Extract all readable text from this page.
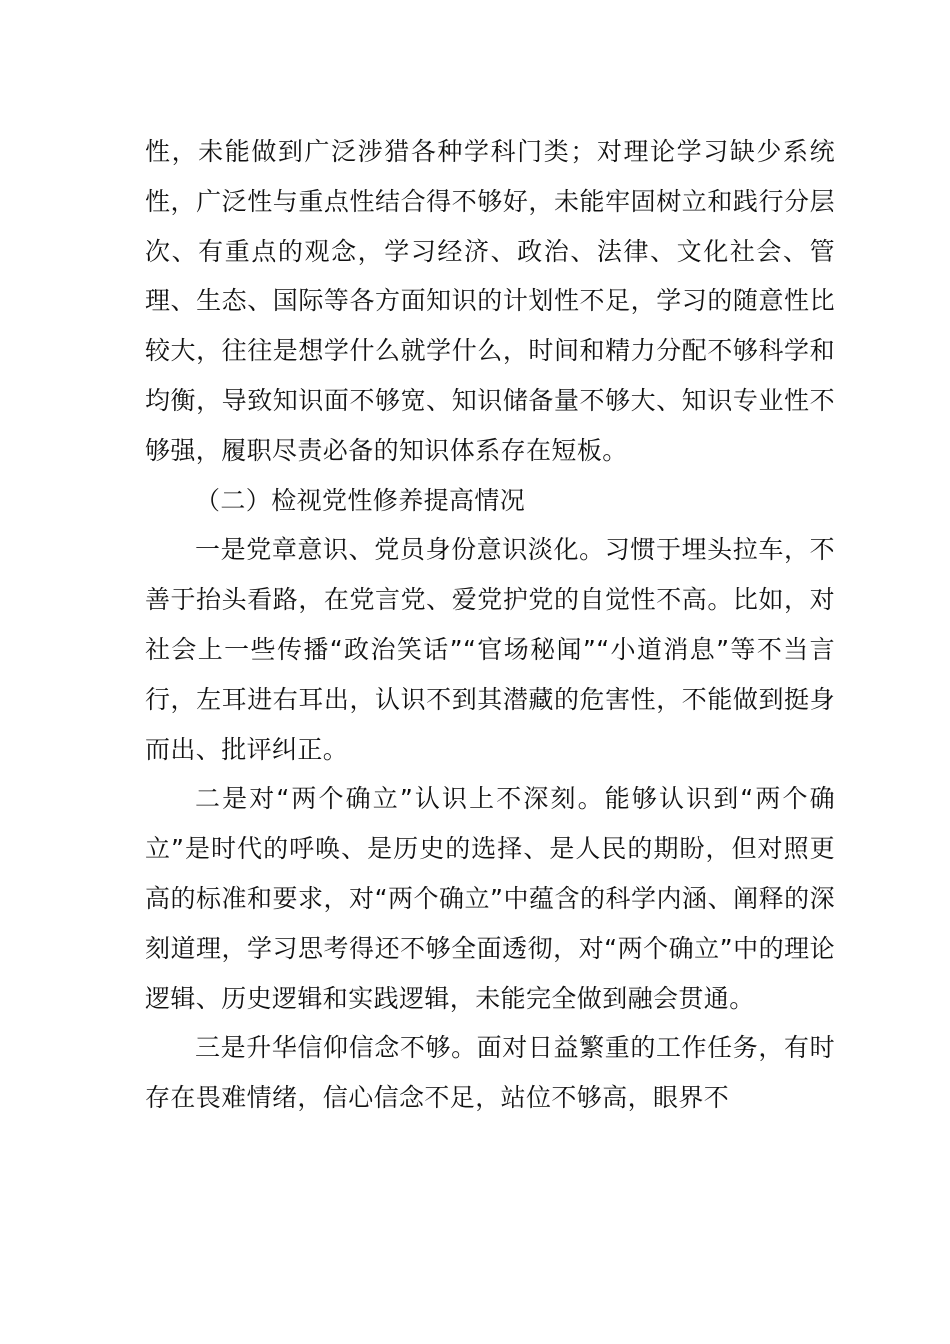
性，未能做到广泛涉猎各种学科门类；对理论学习缺少系统性，广泛性与重点性结合得不够好，未能牢固树立和践行分层次、有重点的观念，学习经济、政治、法律、文化社会、管理、生态、国际等各方面知识的计划性不足，学习的随意性比较大，往往是想学什么就学什么，时间和精力分配不够科学和均衡，导致知识面不够宽、知识储备量不够大、知识专业性不够强，履职尽责必备的知识体系存在短板。

（二）检视党性修养提高情况

一是党章意识、党员身份意识淡化。习惯于埋头拉车，不善于抬头看路，在党言党、爱党护党的自觉性不高。比如，对社会上一些传播“政治笑话”“官场秘闻”“小道消息”等不当言行，左耳进右耳出，认识不到其潜藏的危害性，不能做到挺身而出、批评纠正。

二是对“两个确立”认识上不深刻。能够认识到“两个确立”是时代的呼唤、是历史的选择、是人民的期盼，但对照更高的标准和要求，对“两个确立”中蕴含的科学内涵、阐释的深刻道理，学习思考得还不够全面透彻，对“两个确立”中的理论逻辑、历史逻辑和实践逻辑，未能完全做到融会贯通。

三是升华信仰信念不够。面对日益繁重的工作任务，有时存在畏难情绪，信心信念不足，站位不够高，眼界不
